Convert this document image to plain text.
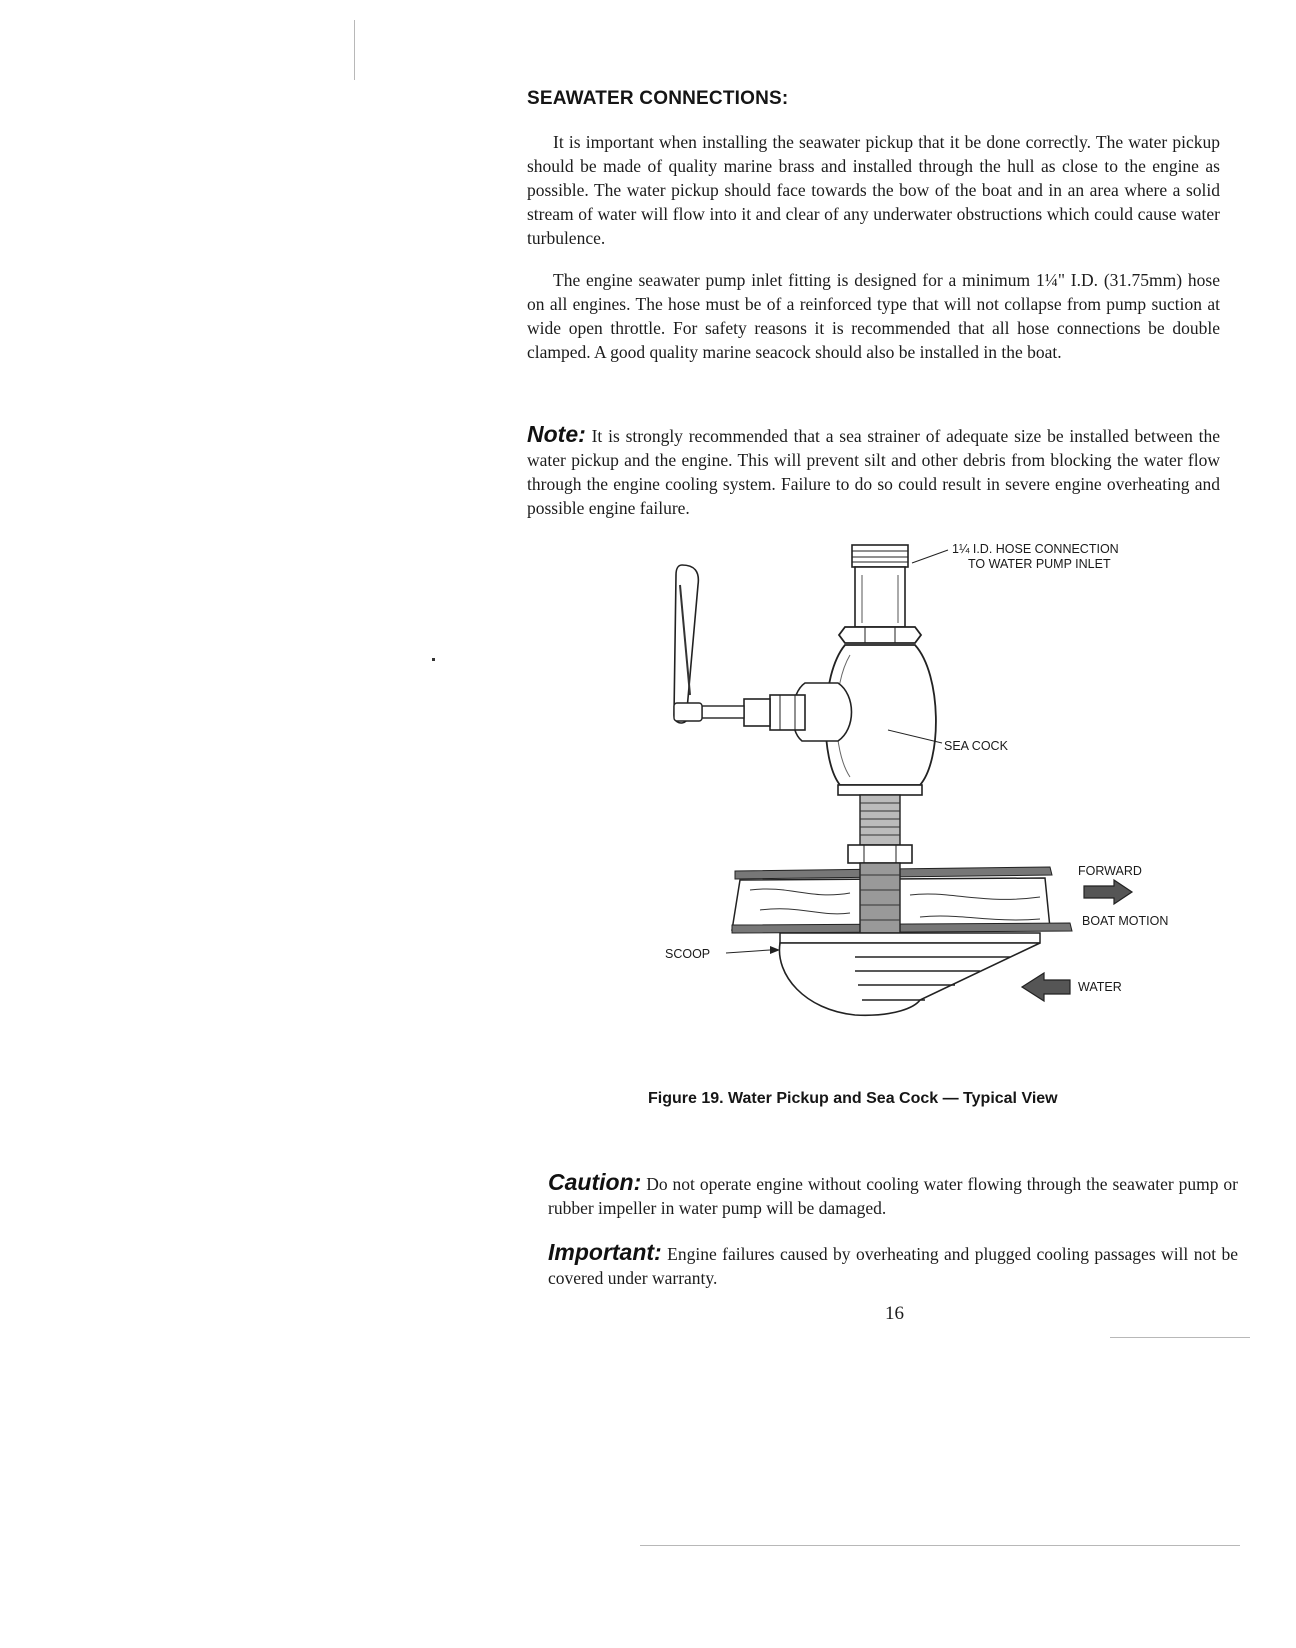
SEAWATER CONNECTIONS:

It is important when installing the seawater pickup that it be done correctly. The water pickup should be made of quality marine brass and installed through the hull as close to the engine as possible. The water pickup should face towards the bow of the boat and in an area where a solid stream of water will flow into it and clear of any underwater obstructions which could cause water turbulence.

The engine seawater pump inlet fitting is designed for a minimum 1¼" I.D. (31.75mm) hose on all engines. The hose must be of a reinforced type that will not collapse from pump suction at wide open throttle. For safety reasons it is recommended that all hose connections be double clamped. A good quality marine seacock should also be installed in the boat.

Note: It is strongly recommended that a sea strainer of adequate size be installed between the water pickup and the engine. This will prevent silt and other debris from blocking the water flow through the engine cooling system. Failure to do so could result in severe engine overheating and possible engine failure.

1¼ I.D. HOSE CONNECTION
TO WATER PUMP INLET
SEA COCK
FORWARD
BOAT MOTION
SCOOP
WATER
Figure 19. Water Pickup and Sea Cock — Typical View

Caution: Do not operate engine without cooling water flowing through the seawater pump or rubber impeller in water pump will be damaged.

Important: Engine failures caused by overheating and plugged cooling passages will not be covered under warranty.

16
